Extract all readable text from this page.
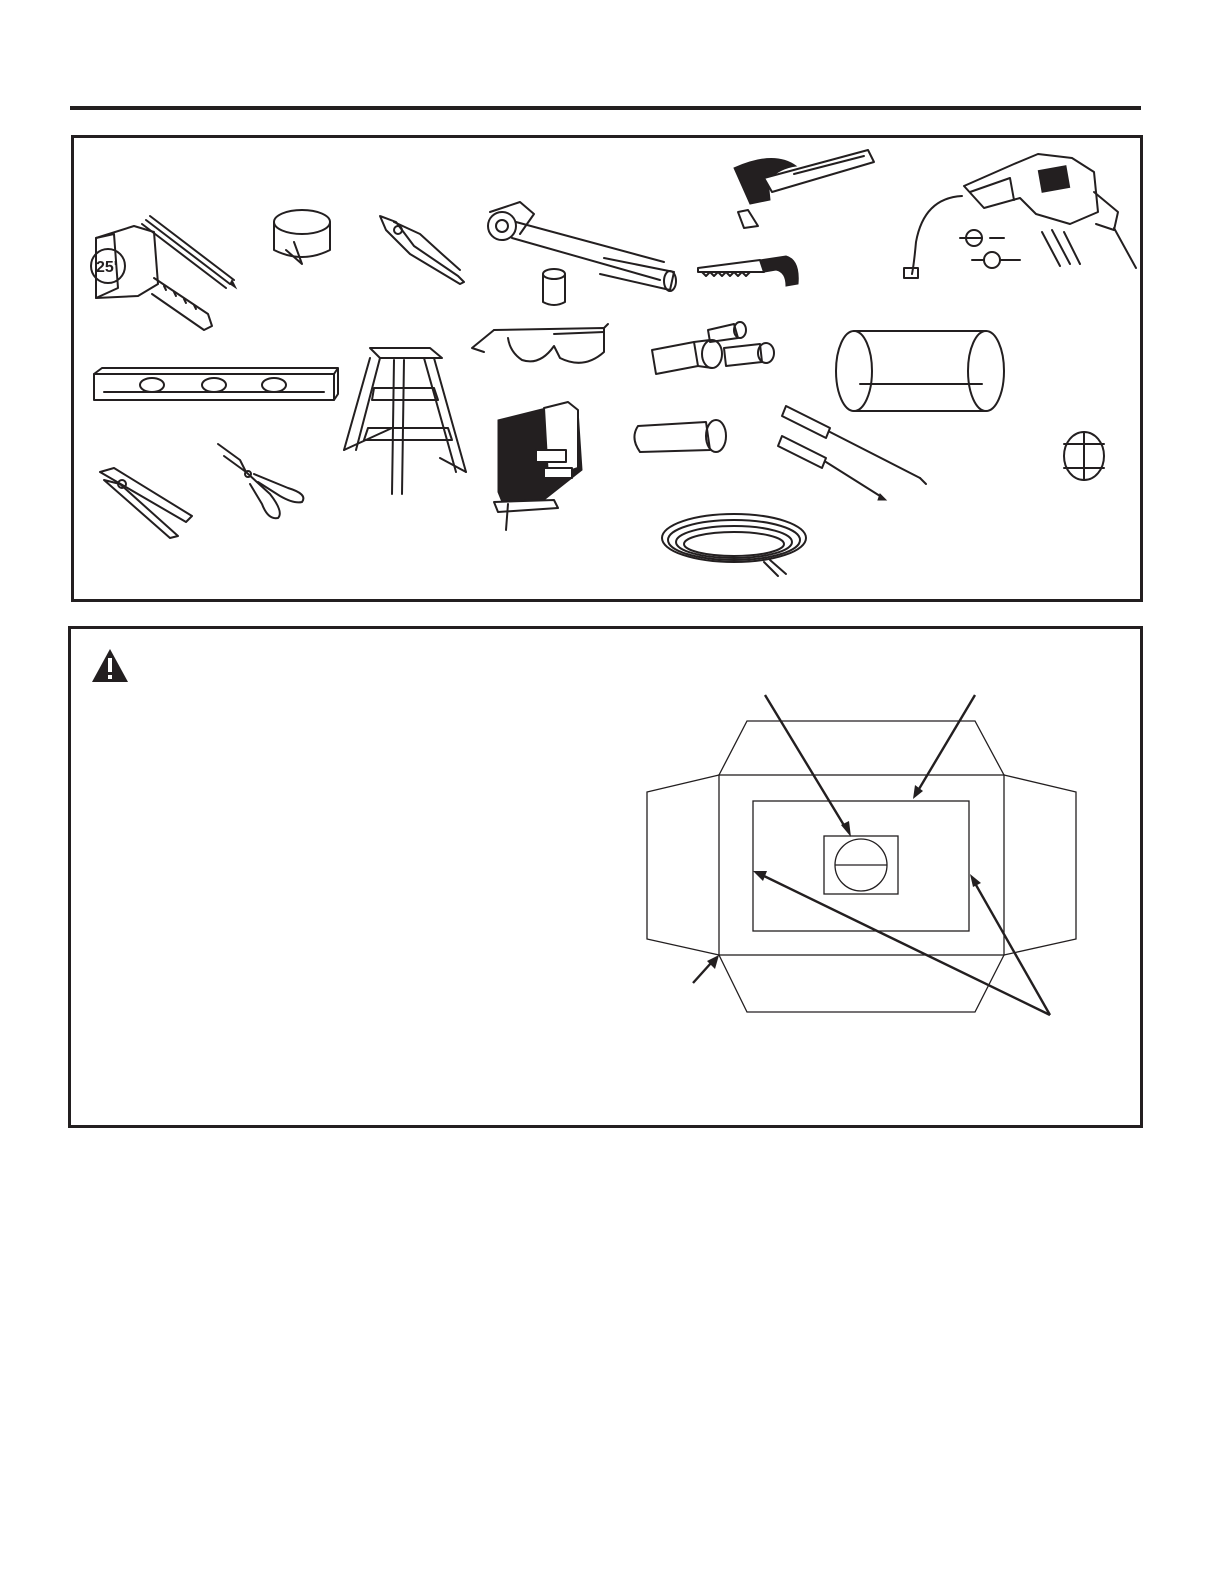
25'
